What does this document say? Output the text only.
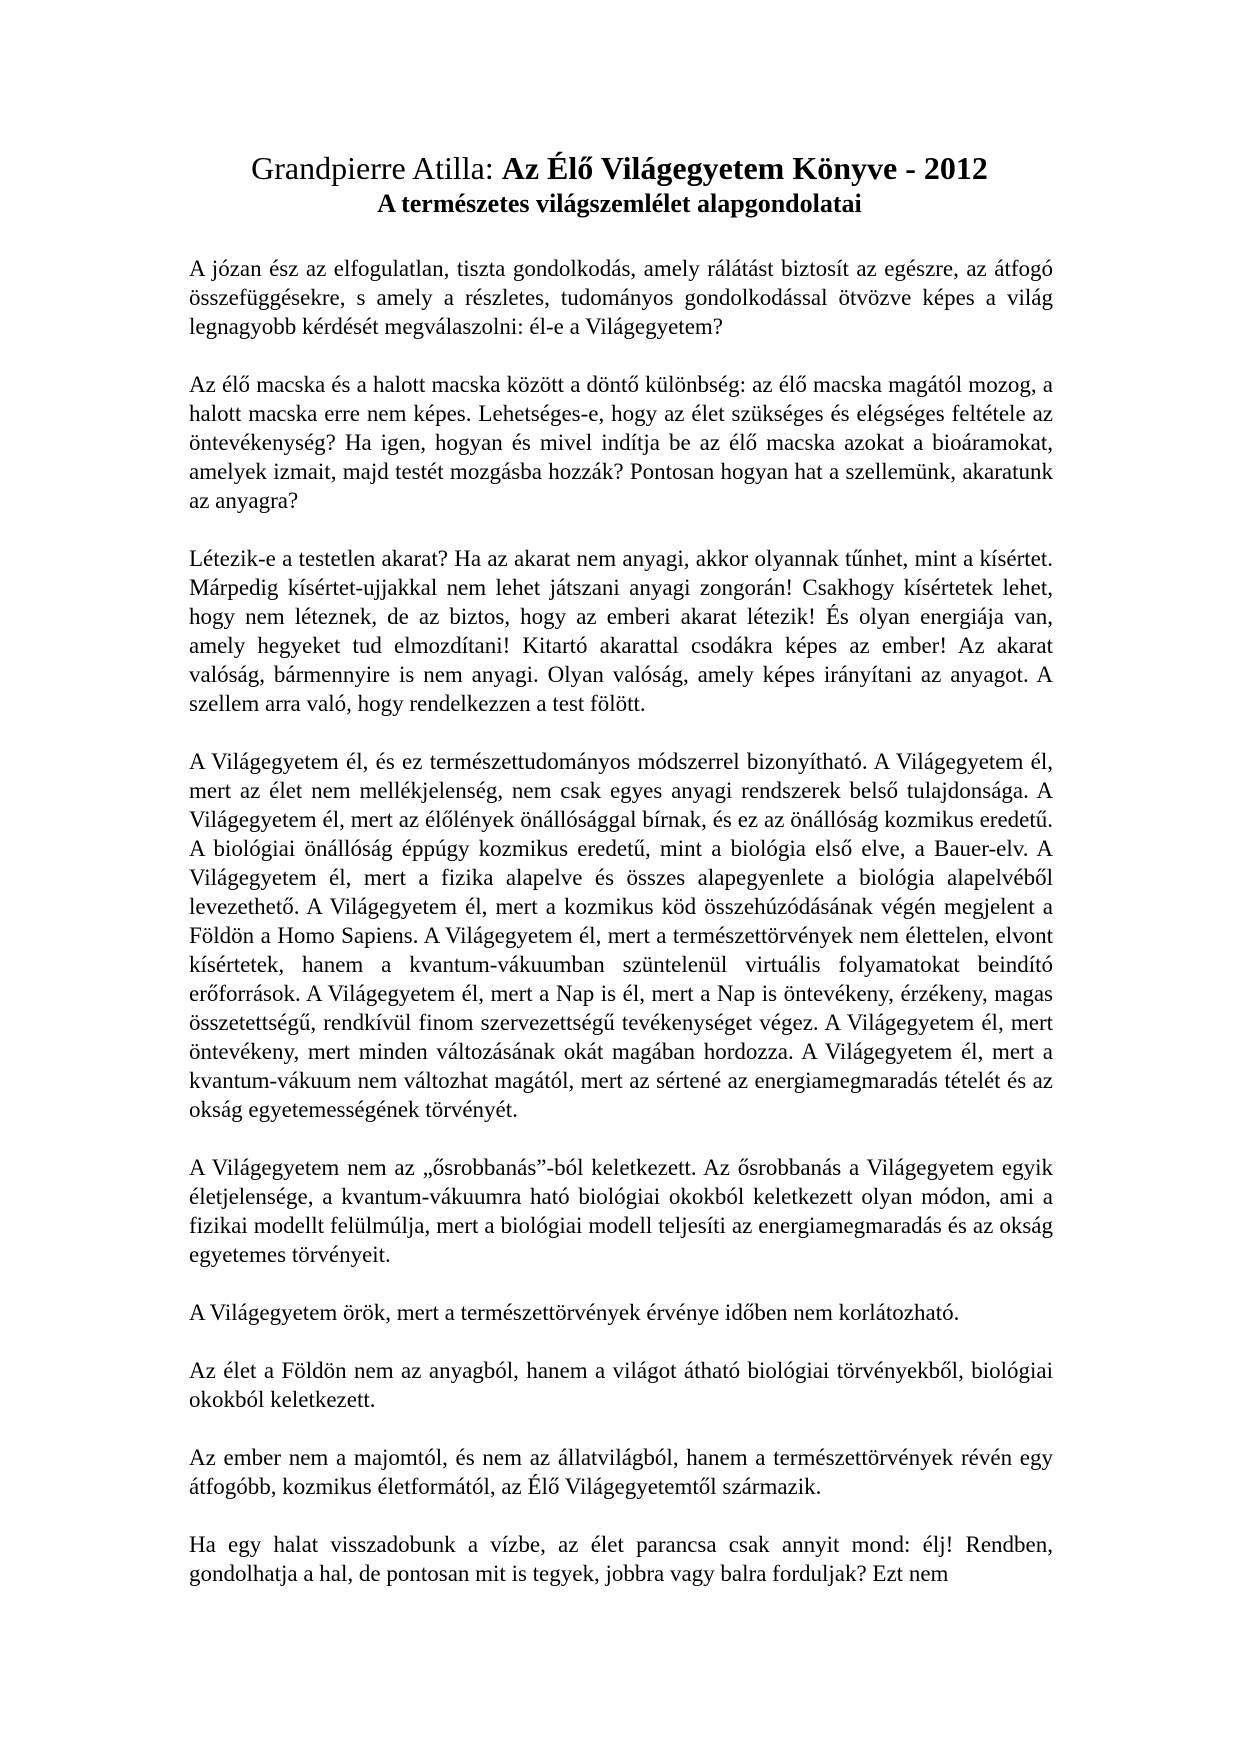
Grandpierre Atilla: Az Élő Világegyetem Könyve - 2012
A természetes világszemlélet alapgondolatai

A józan ész az elfogulatlan, tiszta gondolkodás, amely rálátást biztosít az egészre, az átfogó összefüggésekre, s amely a részletes, tudományos gondolkodással ötvözve képes a világ legnagyobb kérdését megválaszolni: él-e a Világegyetem?

Az élő macska és a halott macska között a döntő különbség: az élő macska magától mozog, a halott macska erre nem képes. Lehetséges-e, hogy az élet szükséges és elégséges feltétele az öntevékenység? Ha igen, hogyan és mivel indítja be az élő macska azokat a bioáramokat, amelyek izmait, majd testét mozgásba hozzák? Pontosan hogyan hat a szellemünk, akaratunk az anyagra?

Létezik-e a testetlen akarat? Ha az akarat nem anyagi, akkor olyannak tűnhet, mint a kísértet. Márpedig kísértet-ujjakkal nem lehet játszani anyagi zongorán! Csakhogy kísértetek lehet, hogy nem léteznek, de az biztos, hogy az emberi akarat létezik! És olyan energiája van, amely hegyeket tud elmozdítani! Kitartó akarattal csodákra képes az ember! Az akarat valóság, bármennyire is nem anyagi. Olyan valóság, amely képes irányítani az anyagot. A szellem arra való, hogy rendelkezzen a test fölött.

A Világegyetem él, és ez természettudományos módszerrel bizonyítható. A Világegyetem él, mert az élet nem mellékjelenség, nem csak egyes anyagi rendszerek belső tulajdonsága. A Világegyetem él, mert az élőlények önállósággal bírnak, és ez az önállóság kozmikus eredetű. A biológiai önállóság éppúgy kozmikus eredetű, mint a biológia első elve, a Bauer-elv. A Világegyetem él, mert a fizika alapelve és összes alapegyenlete a biológia alapelvéből levezethető. A Világegyetem él, mert a kozmikus köd összehúzódásának végén megjelent a Földön a Homo Sapiens. A Világegyetem él, mert a természettörvények nem élettelen, elvont kísértetek, hanem a kvantum-vákuumban szüntelenül virtuális folyamatokat beindító erőforrások. A Világegyetem él, mert a Nap is él, mert a Nap is öntevékeny, érzékeny, magas összetettségű, rendkívül finom szervezettségű tevékenységet végez. A Világegyetem él, mert öntevékeny, mert minden változásának okát magában hordozza. A Világegyetem él, mert a kvantum-vákuum nem változhat magától, mert az sértené az energiamegmaradás tételét és az okság egyetemességének törvényét.

A Világegyetem nem az „ősrobbanás”-ból keletkezett. Az ősrobbanás a Világegyetem egyik életjelensége, a kvantum-vákuumra ható biológiai okokból keletkezett olyan módon, ami a fizikai modellt felülmúlja, mert a biológiai modell teljesíti az energiamegmaradás és az okság egyetemes törvényeit.

A Világegyetem örök, mert a természettörvények érvénye időben nem korlátozható.

Az élet a Földön nem az anyagból, hanem a világot átható biológiai törvényekből, biológiai okokból keletkezett.

Az ember nem a majomtól, és nem az állatvilágból, hanem a természettörvények révén egy átfogóbb, kozmikus életformától, az Élő Világegyetemtől származik.

Ha egy halat visszadobunk a vízbe, az élet parancsa csak annyit mond: élj! Rendben, gondolhatja a hal, de pontosan mit is tegyek, jobbra vagy balra forduljak? Ezt nem
